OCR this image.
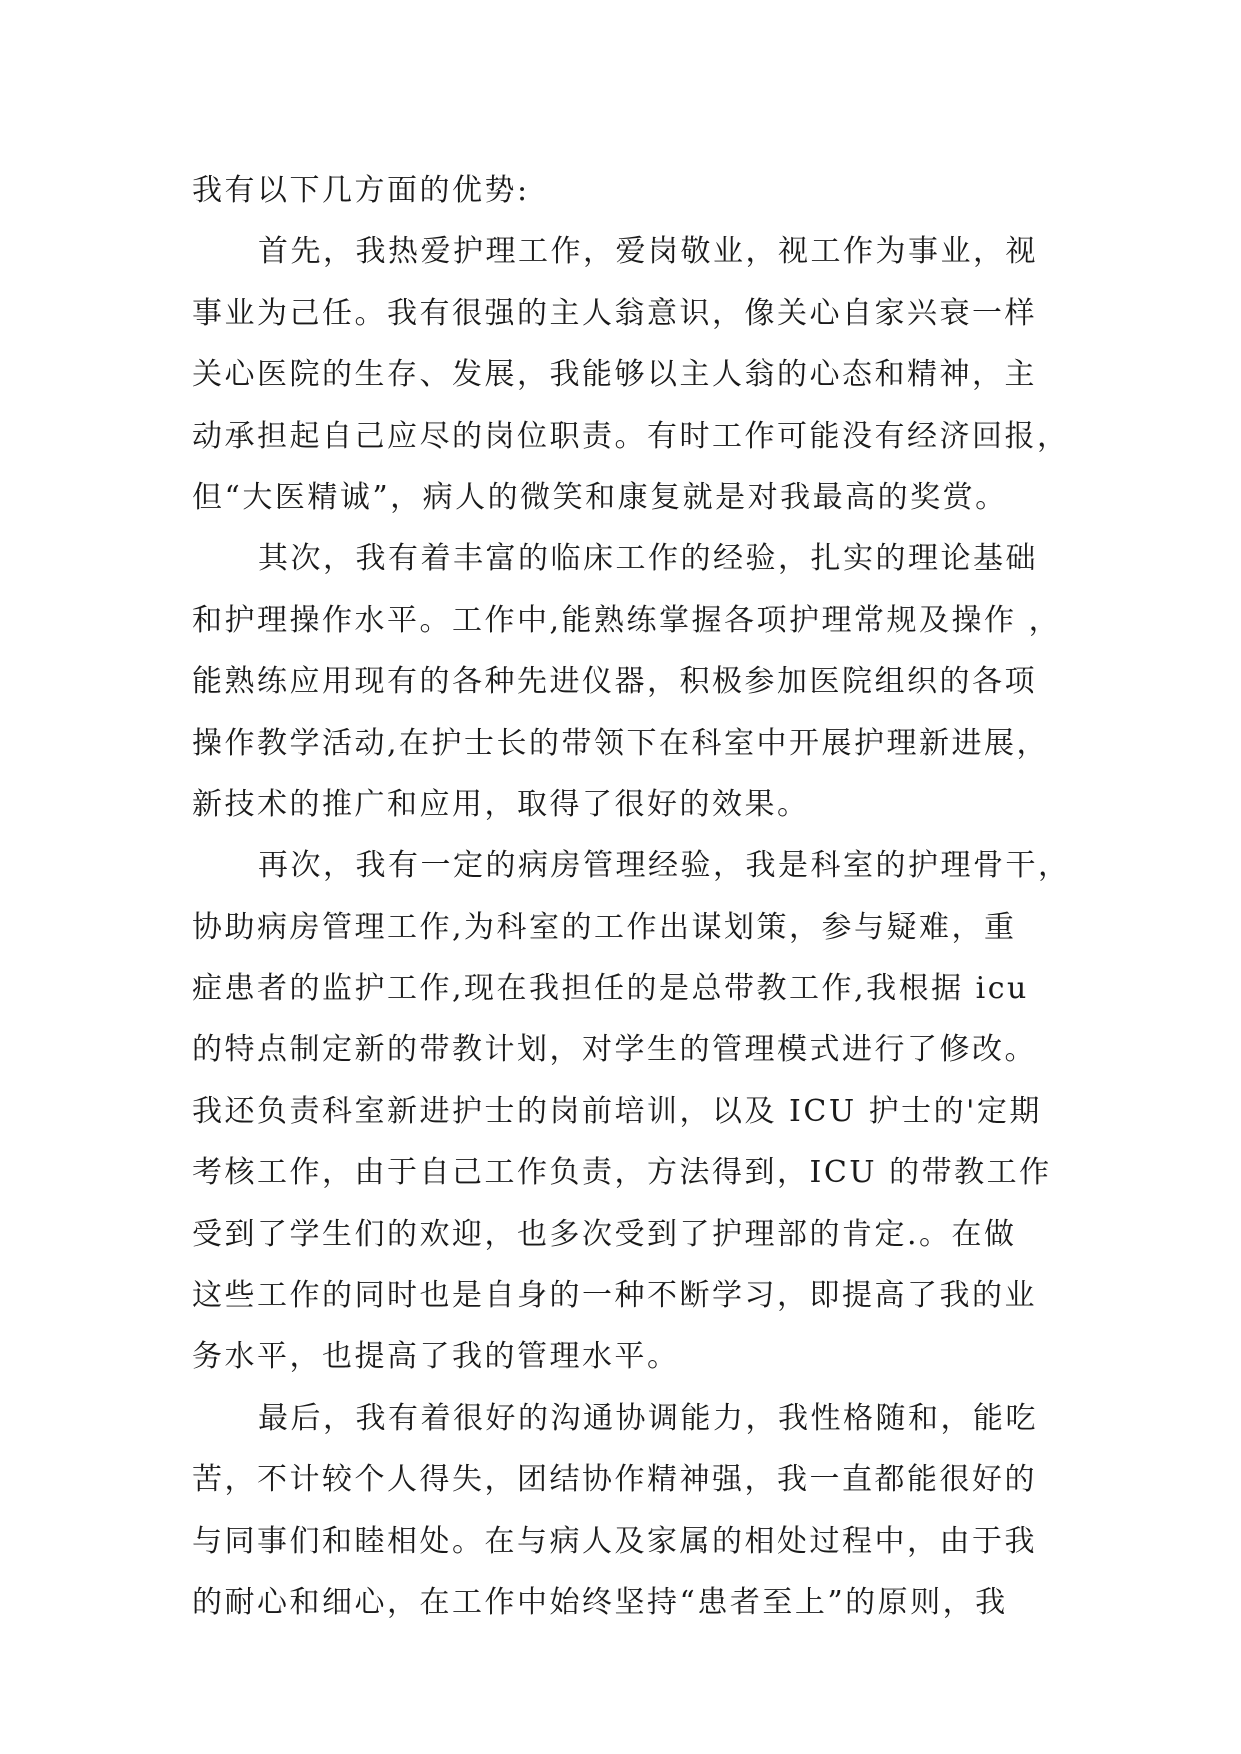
我有以下几方面的优势:
首先，我热爱护理工作，爱岗敬业，视工作为事业，视
事业为己任。我有很强的主人翁意识，像关心自家兴衰一样
关心医院的生存、发展，我能够以主人翁的心态和精神，主
动承担起自己应尽的岗位职责。有时工作可能没有经济回报，
但“大医精诚”，病人的微笑和康复就是对我最高的奖赏。
其次，我有着丰富的临床工作的经验，扎实的理论基础
和护理操作水平。工作中,能熟练掌握各项护理常规及操作 ，
能熟练应用现有的各种先进仪器，积极参加医院组织的各项
操作教学活动,在护士长的带领下在科室中开展护理新进展，
新技术的推广和应用，取得了很好的效果。
再次，我有一定的病房管理经验，我是科室的护理骨干，
协助病房管理工作,为科室的工作出谋划策，参与疑难，重
症患者的监护工作,现在我担任的是总带教工作,我根据 icu
的特点制定新的带教计划，对学生的管理模式进行了修改。
我还负责科室新进护士的岗前培训，以及 ICU 护士的'定期
考核工作，由于自己工作负责，方法得到，ICU 的带教工作
受到了学生们的欢迎，也多次受到了护理部的肯定.。在做
这些工作的同时也是自身的一种不断学习，即提高了我的业
务水平，也提高了我的管理水平。
最后，我有着很好的沟通协调能力，我性格随和，能吃
苦，不计较个人得失，团结协作精神强，我一直都能很好的
与同事们和睦相处。在与病人及家属的相处过程中，由于我
的耐心和细心，在工作中始终坚持“患者至上”的原则，我
